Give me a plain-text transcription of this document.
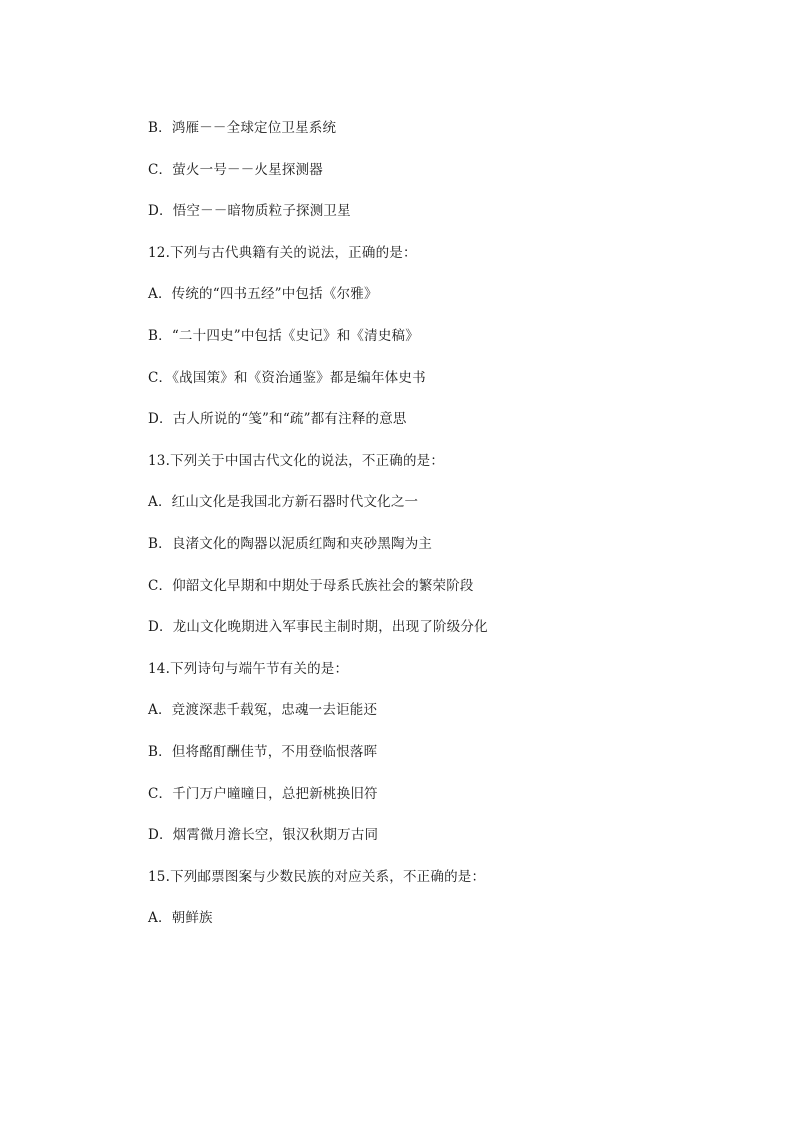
B．鸿雁－－全球定位卫星系统
C．萤火一号－－火星探测器
D．悟空－－暗物质粒子探测卫星
12.下列与古代典籍有关的说法，正确的是：
A．传统的“四书五经”中包括《尔雅》
B．“二十四史”中包括《史记》和《清史稿》
C．《战国策》和《资治通鉴》都是编年体史书
D．古人所说的“笺”和“疏”都有注释的意思
13.下列关于中国古代文化的说法，不正确的是：
A．红山文化是我国北方新石器时代文化之一
B．良渚文化的陶器以泥质红陶和夹砂黑陶为主
C．仰韶文化早期和中期处于母系氏族社会的繁荣阶段
D．龙山文化晚期进入军事民主制时期，出现了阶级分化
14.下列诗句与端午节有关的是：
A．竞渡深悲千载冤，忠魂一去讵能还
B．但将酩酊酬佳节，不用登临恨落晖
C．千门万户曈曈日，总把新桃换旧符
D．烟霄微月澹长空，银汉秋期万古同
15.下列邮票图案与少数民族的对应关系，不正确的是：
A．朝鲜族
